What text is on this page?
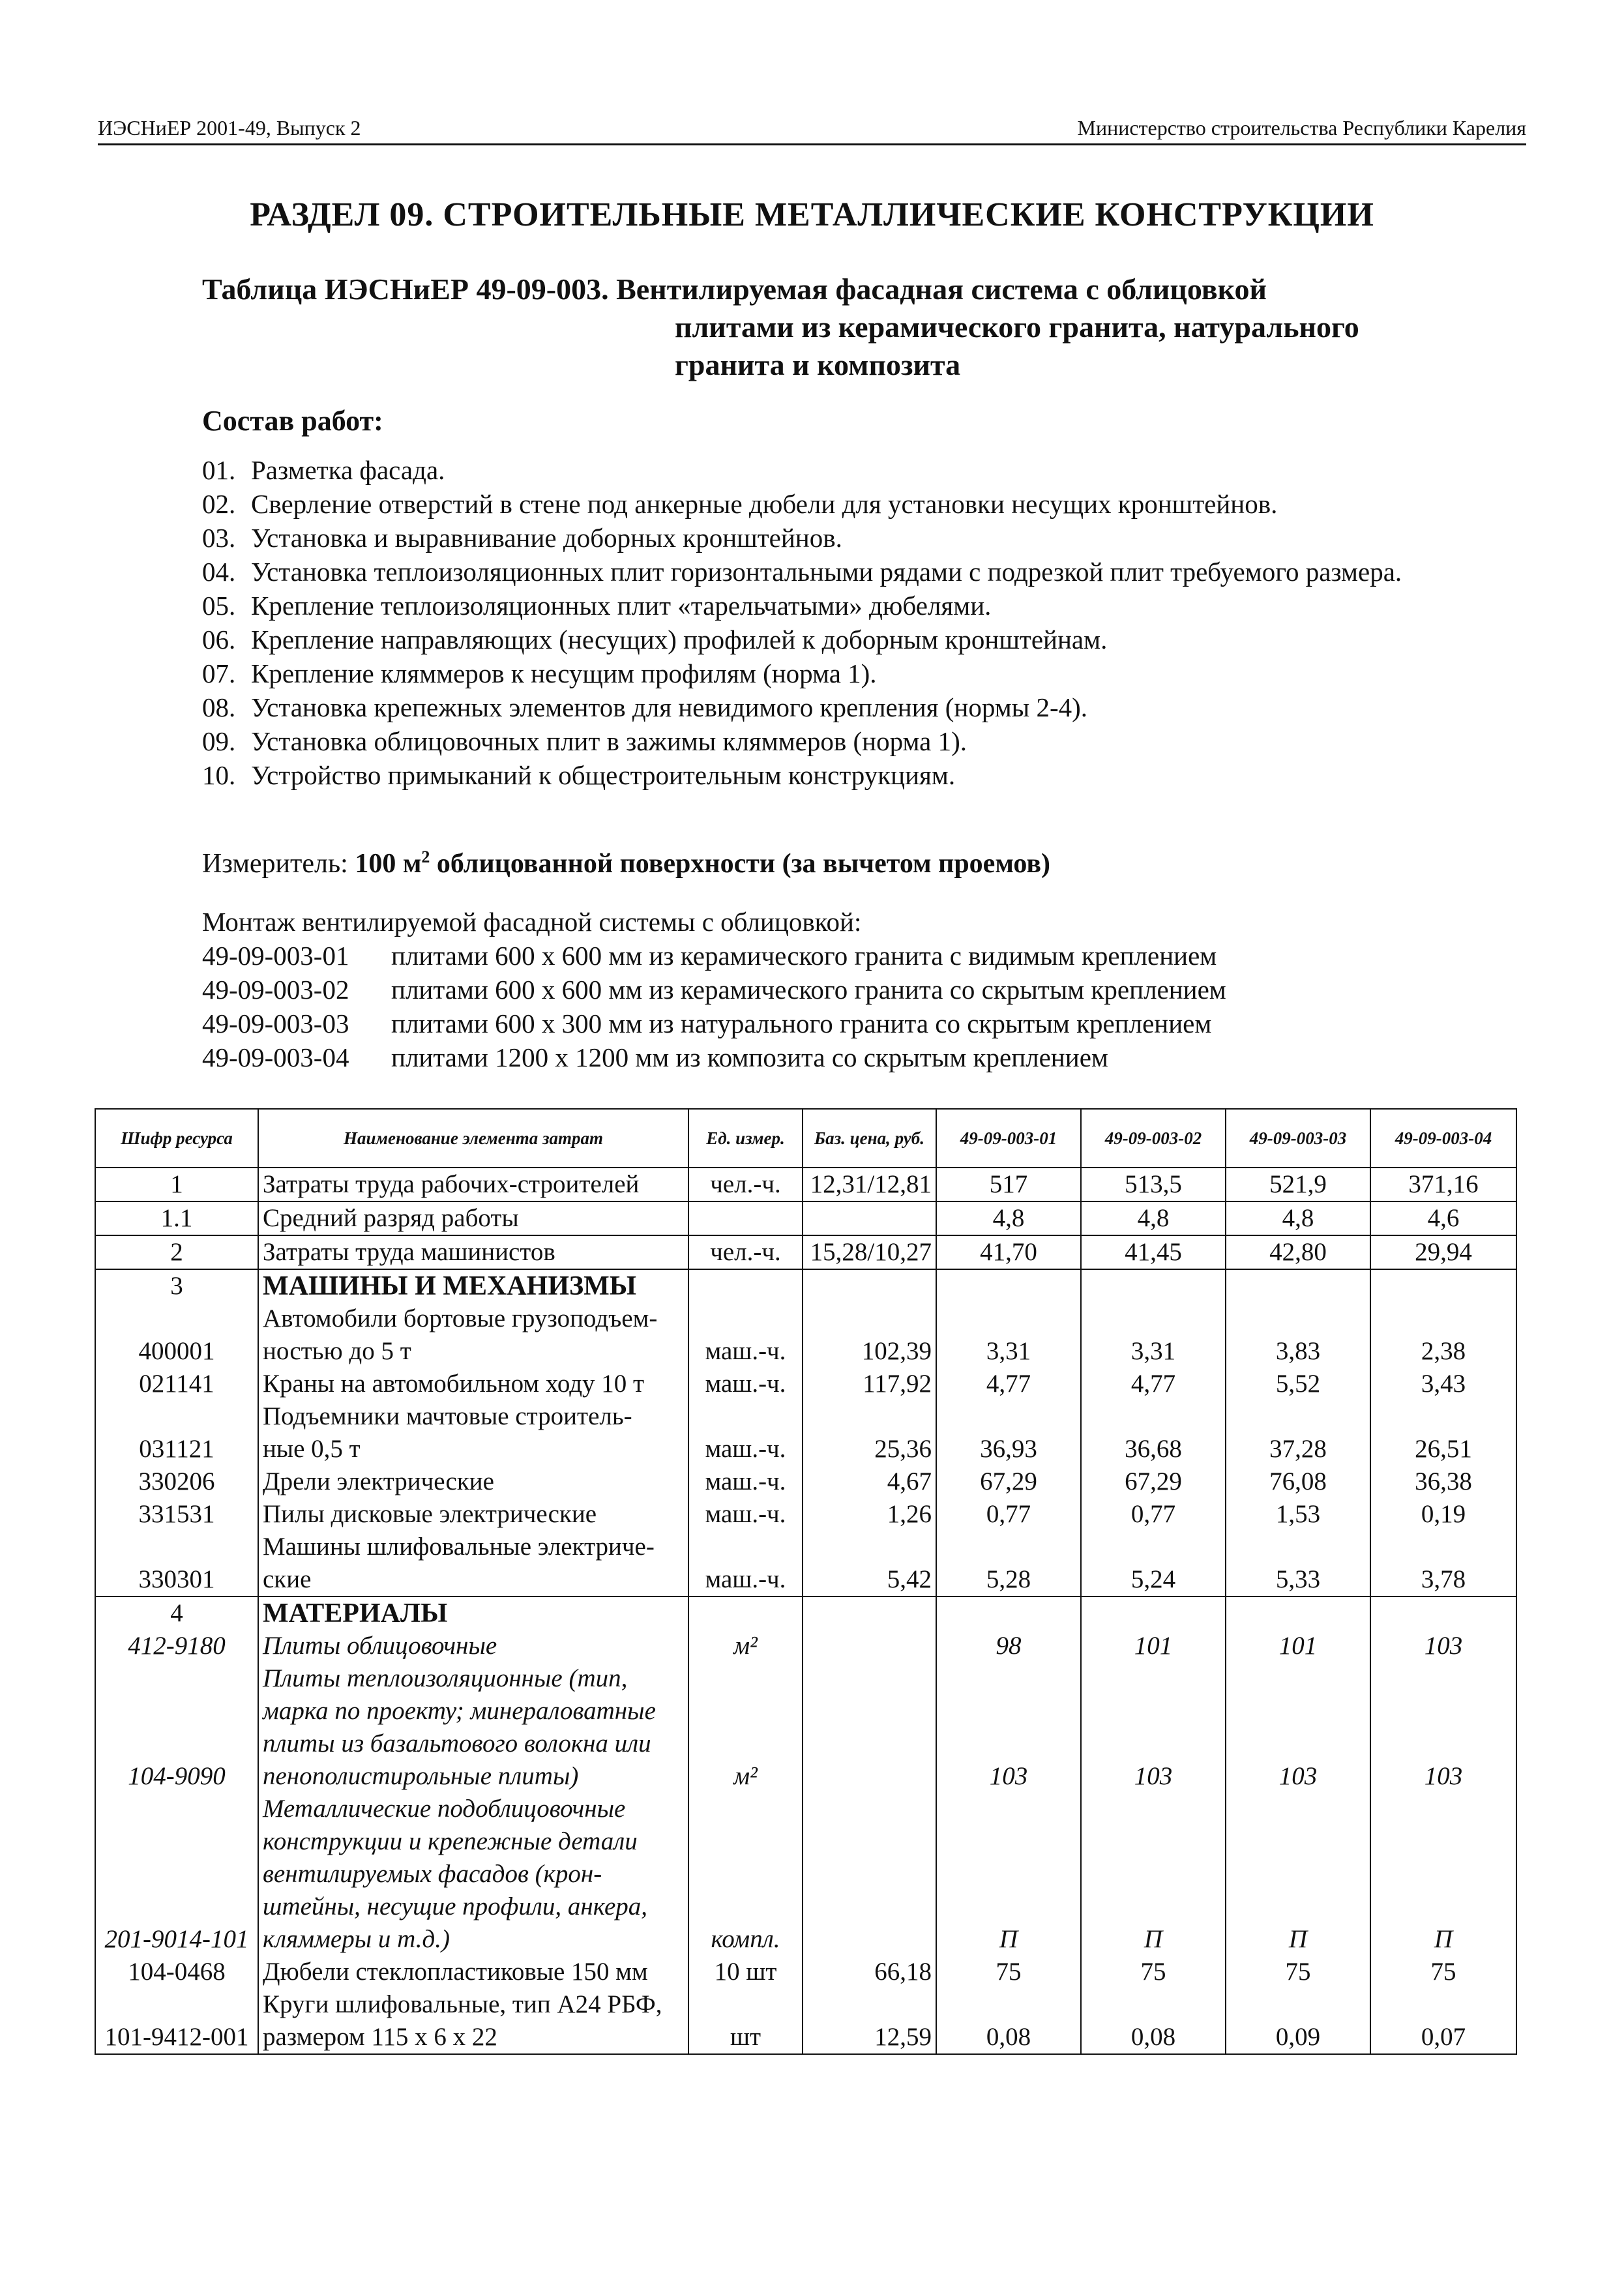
ИЭСНиЕР 2001-49, Выпуск 2	Министерство строительства Республики Карелия
РАЗДЕЛ 09. СТРОИТЕЛЬНЫЕ МЕТАЛЛИЧЕСКИЕ КОНСТРУКЦИИ
Таблица ИЭСНиЕР 49-09-003. Вентилируемая фасадная система с облицовкой
плитами из керамического гранита, натурального
гранита и композита
Состав работ:
01. Разметка фасада.
02. Сверление отверстий в стене под анкерные дюбели для установки несущих кронштейнов.
03. Установка и выравнивание доборных кронштейнов.
04. Установка теплоизоляционных плит горизонтальными рядами с подрезкой плит требуемого размера.
05. Крепление теплоизоляционных плит «тарельчатыми» дюбелями.
06. Крепление направляющих (несущих) профилей к доборным кронштейнам.
07. Крепление кляммеров к несущим профилям (норма 1).
08. Установка крепежных элементов для невидимого крепления (нормы 2-4).
09. Установка облицовочных плит в зажимы кляммеров (норма 1).
10. Устройство примыканий к общестроительным конструкциям.
Измеритель: 100 $м^2$ облицованной поверхности (за вычетом проемов)
Монтаж вентилируемой фасадной системы с облицовкой:
49-09-003-01	плитами 600 х 600 мм из керамического гранита с видимым креплением
49-09-003-02	плитами 600 х 600 мм из керамического гранита со скрытым креплением
49-09-003-03	плитами 600 х 300 мм из натурального гранита со скрытым креплением
49-09-003-04	плитами 1200 х 1200 мм из композита со скрытым креплением
Шифр ресурса	Наименование элемента затрат	Ед. измер.	Баз. цена, руб.	49-09-003-01	49-09-003-02	49-09-003-03	49-09-003-04
1	Затраты труда рабочих-строителей	чел.-ч.	12,31/12,81	517	513,5	521,9	371,16
1.1	Средний разряд работы			4,8	4,8	4,8	4,6
2	Затраты труда машинистов	чел.-ч.	15,28/10,27	41,70	41,45	42,80	29,94
3	МАШИНЫ И МЕХАНИЗМЫ						
	Автомобили бортовые грузоподъем-						
400001	ностью до 5 т	маш.-ч.	102,39	3,31	3,31	3,83	2,38
021141	Краны на автомобильном ходу 10 т	маш.-ч.	117,92	4,77	4,77	5,52	3,43
	Подъемники мачтовые строитель-						
031121	ные 0,5 т	маш.-ч.	25,36	36,93	36,68	37,28	26,51
330206	Дрели электрические	маш.-ч.	4,67	67,29	67,29	76,08	36,38
331531	Пилы дисковые электрические	маш.-ч.	1,26	0,77	0,77	1,53	0,19
	Машины шлифовальные электриче-						
330301	ские	маш.-ч.	5,42	5,28	5,24	5,33	3,78
4	МАТЕРИАЛЫ						
412-9180	Плиты облицовочные	м²		98	101	101	103
	Плиты теплоизоляционные (тип,						
	марка по проекту; минераловатные						
	плиты из базальтового волокна или						
104-9090	пенополистирольные плиты)	м²		103	103	103	103
	Металлические подоблицовочные						
	конструкции и крепежные детали						
	вентилируемых фасадов (крон-						
	штейны, несущие профили, анкера,						
201-9014-101	кляммеры и т.д.)	компл.		П	П	П	П
104-0468	Дюбели стеклопластиковые 150 мм	10 шт	66,18	75	75	75	75
	Круги шлифовальные, тип А24 РБФ,						
101-9412-001	размером 115 х 6 х 22	шт	12,59	0,08	0,08	0,09	0,07
